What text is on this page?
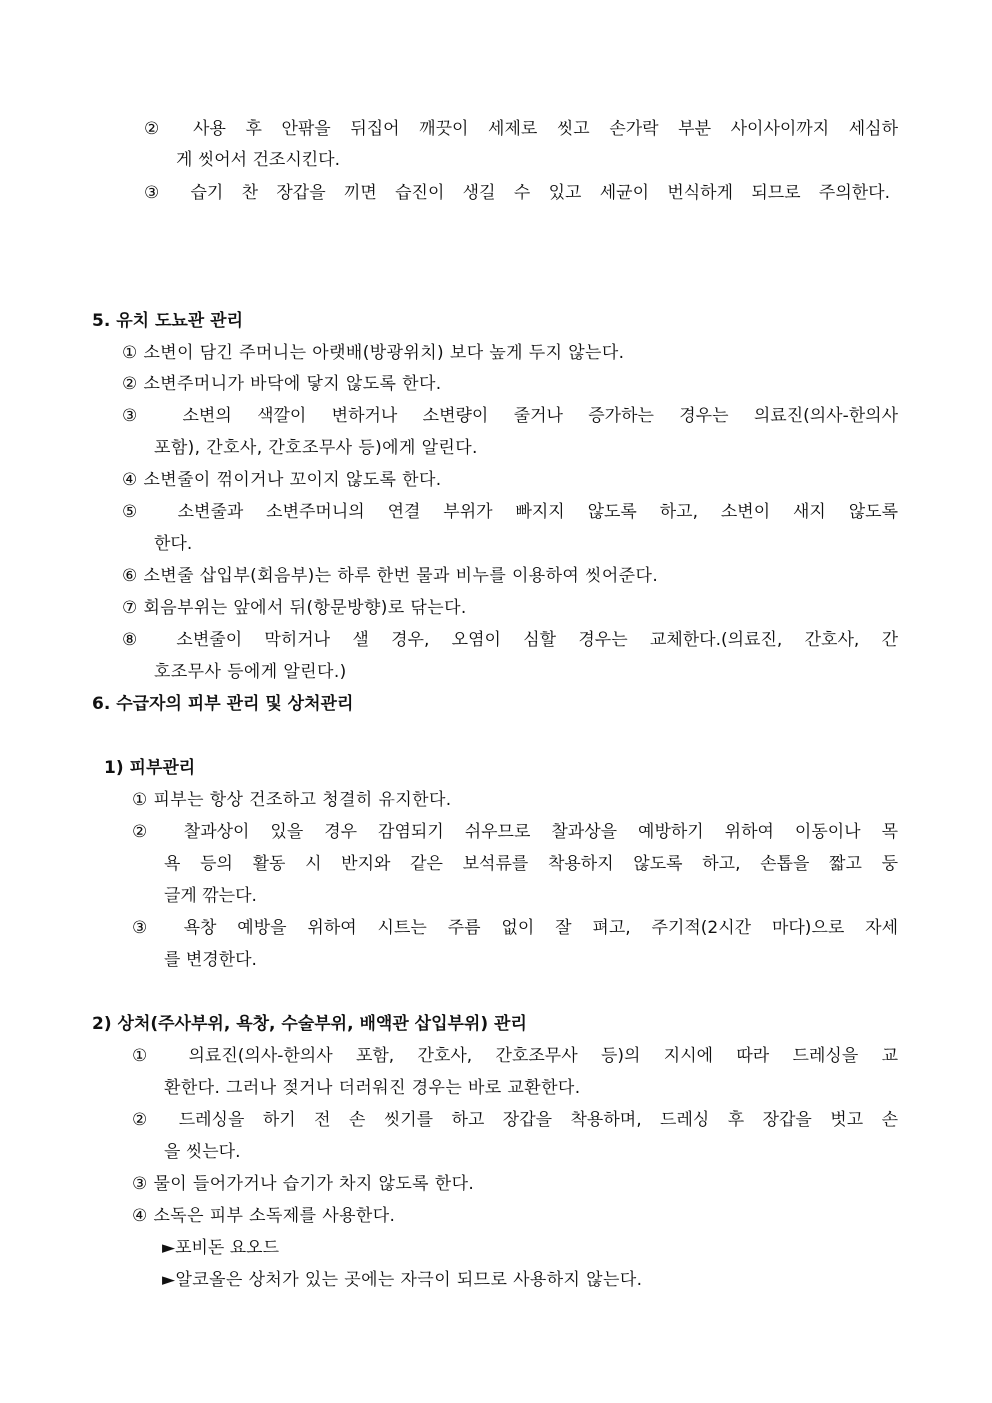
② 사용 후 안팎을 뒤집어 깨끗이 세제로 씻고 손가락 부분 사이사이까지 세심하
게 씻어서 건조시킨다.
③ 습기 찬 장갑을 끼면 습진이 생길 수 있고 세균이 번식하게 되므로 주의한다.
5. 유치 도뇨관 관리
① 소변이 담긴 주머니는 아랫배(방광위치) 보다 높게 두지 않는다.
② 소변주머니가 바닥에 닿지 않도록 한다.
③ 소변의 색깔이 변하거나 소변량이 줄거나 증가하는 경우는 의료진(의사-한의사
포함), 간호사, 간호조무사 등)에게 알린다.
④ 소변줄이 꺾이거나 꼬이지 않도록 한다.
⑤ 소변줄과 소변주머니의 연결 부위가 빠지지 않도록 하고, 소변이 새지 않도록
한다.
⑥ 소변줄 삽입부(회음부)는 하루 한번 물과 비누를 이용하여 씻어준다.
⑦ 회음부위는 앞에서 뒤(항문방향)로 닦는다.
⑧ 소변줄이 막히거나 샐 경우, 오염이 심할 경우는 교체한다.(의료진, 간호사, 간
호조무사 등에게 알린다.)
6. 수급자의 피부 관리 및 상처관리
1) 피부관리
① 피부는 항상 건조하고 청결히 유지한다.
② 찰과상이 있을 경우 감염되기 쉬우므로 찰과상을 예방하기 위하여 이동이나 목
욕 등의 활동 시 반지와 같은 보석류를 착용하지 않도록 하고, 손톱을 짧고 둥
글게 깎는다.
③ 욕창 예방을 위하여 시트는 주름 없이 잘 펴고, 주기적(2시간 마다)으로 자세
를 변경한다.
2) 상처(주사부위, 욕창, 수술부위, 배액관 삽입부위) 관리
① 의료진(의사-한의사 포함, 간호사, 간호조무사 등)의 지시에 따라 드레싱을 교
환한다. 그러나 젖거나 더러워진 경우는 바로 교환한다.
② 드레싱을 하기 전 손 씻기를 하고 장갑을 착용하며, 드레싱 후 장갑을 벗고 손
을 씻는다.
③ 물이 들어가거나 습기가 차지 않도록 한다.
④ 소독은 피부 소독제를 사용한다.
►포비돈 요오드
►알코올은 상처가 있는 곳에는 자극이 되므로 사용하지 않는다.
